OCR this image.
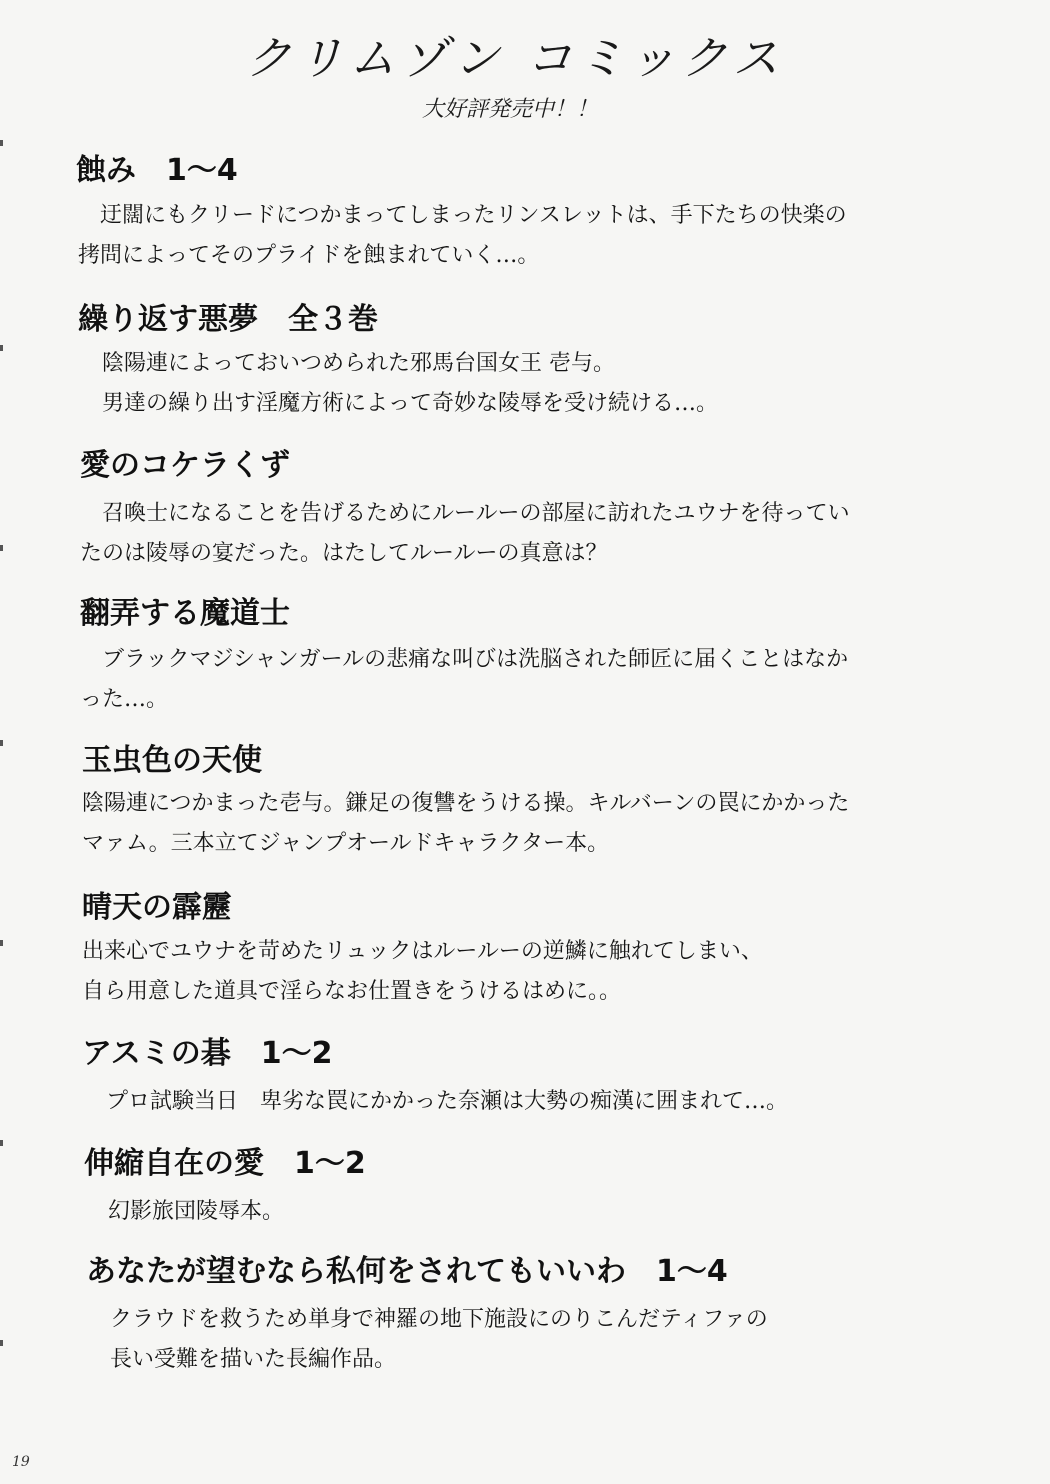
クリムゾン コミックス
大好評発売中！！
蝕み　1～4
　迂闊にもクリードにつかまってしまったリンスレットは、手下たちの快楽の
拷問によってそのプライドを蝕まれていく…。
繰り返す悪夢　全３巻
　陰陽連によっておいつめられた邪馬台国女王 壱与。
　男達の繰り出す淫魔方術によって奇妙な陵辱を受け続ける…。
愛のコケラくず
　召喚士になることを告げるためにルールーの部屋に訪れたユウナを待ってい
たのは陵辱の宴だった。はたしてルールーの真意は？
翻弄する魔道士
　ブラックマジシャンガールの悲痛な叫びは洗脳された師匠に届くことはなか
った…。
玉虫色の天使
陰陽連につかまった壱与。鎌足の復讐をうける操。キルバーンの罠にかかった
マァム。三本立てジャンプオールドキャラクター本。
晴天の霹靂
出来心でユウナを苛めたリュックはルールーの逆鱗に触れてしまい、
自ら用意した道具で淫らなお仕置きをうけるはめに。。
アスミの碁　1～2
　プロ試験当日　卑劣な罠にかかった奈瀬は大勢の痴漢に囲まれて…。
伸縮自在の愛　1～2
　幻影旅団陵辱本。
あなたが望むなら私何をされてもいいわ　1～4
　クラウドを救うため単身で神羅の地下施設にのりこんだティファの
　長い受難を描いた長編作品。
19
